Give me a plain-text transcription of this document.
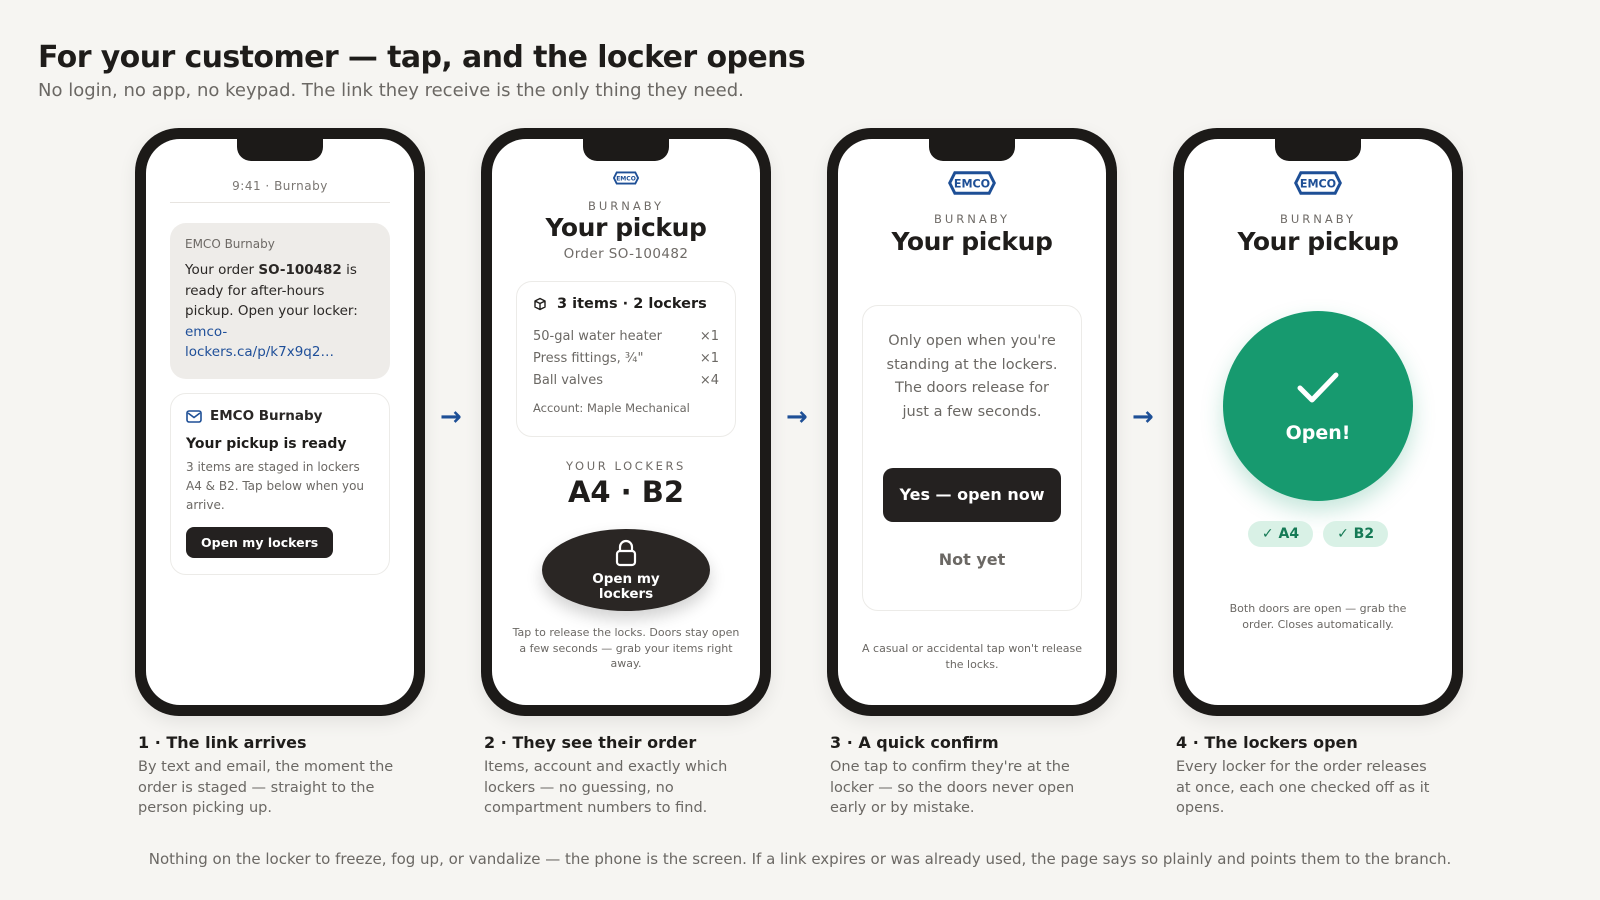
For your customer — tap, and the locker opens
No login, no app, no keypad. The link they receive is the only thing they need.
9:41 · Burnaby
EMCO Burnaby
Your order SO-100482 is ready for after-hours pickup. Open your locker: emco-lockers.ca/p/k7x9q2…
EMCO Burnaby
Your pickup is ready
3 items are staged in lockers A4 & B2. Tap below when you arrive.
Open my lockers
→
EMCO
BURNABY
Your pickup
Order SO-100482
3 items · 2 lockers
50-gal water heater	×1
Press fittings, ¾"	×1
Ball valves	×4
Account: Maple Mechanical
YOUR LOCKERS
A4 · B2
Open my lockers
Tap to release the locks. Doors stay open a few seconds — grab your items right away.
→
EMCO
BURNABY
Your pickup
Only open when you're standing at the lockers. The doors release for just a few seconds.
Yes — open now
Not yet
A casual or accidental tap won't release the locks.
→
EMCO
BURNABY
Your pickup
Open!
✓ A4	✓ B2
Both doors are open — grab the order. Closes automatically.
1 · The link arrives
By text and email, the moment the order is staged — straight to the person picking up.
2 · They see their order
Items, account and exactly which lockers — no guessing, no compartment numbers to find.
3 · A quick confirm
One tap to confirm they're at the locker — so the doors never open early or by mistake.
4 · The lockers open
Every locker for the order releases at once, each one checked off as it opens.
Nothing on the locker to freeze, fog up, or vandalize — the phone is the screen. If a link expires or was already used, the page says so plainly and points them to the branch.
